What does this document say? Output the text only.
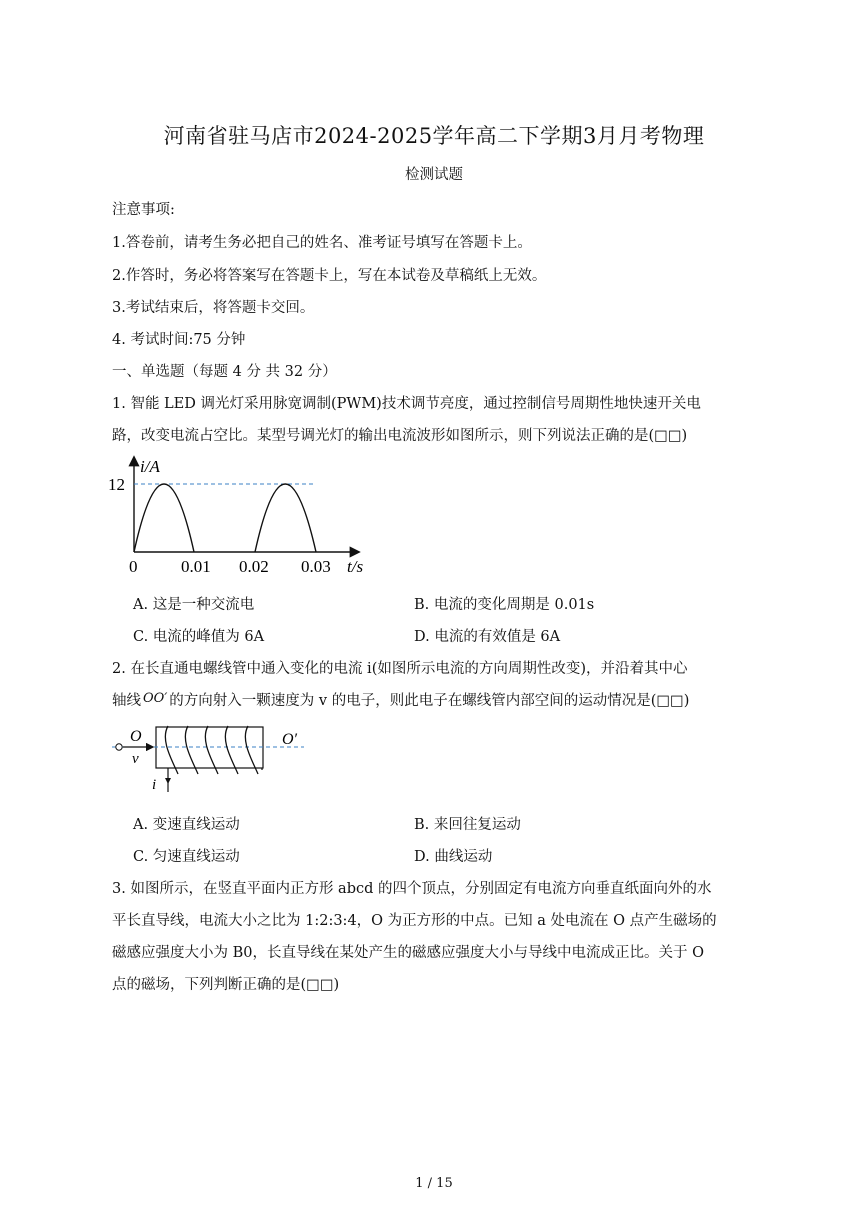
河南省驻马店市2024-2025学年高二下学期3月月考物理
检测试题
注意事项:
1.答卷前，请考生务必把自己的姓名、准考证号填写在答题卡上。
2.作答时，务必将答案写在答题卡上，写在本试卷及草稿纸上无效。
3.考试结束后，将答题卡交回。
4. 考试时间:75 分钟
一、单选题（每题 4 分 共 32 分）
1. 智能 LED 调光灯采用脉宽调制(PWM)技术调节亮度，通过控制信号周期性地快速开关电
路，改变电流占空比。某型号调光灯的输出电流波形如图所示，则下列说法正确的是(□□)
i/A
12
0	0.01 0.02 0.03 t/s
A. 这是一种交流电	B. 电流的变化周期是 0.01s
C. 电流的峰值为 6A	D. 电流的有效值是 6A
2. 在长直通电螺线管中通入变化的电流 i(如图所示电流的方向周期性改变)，并沿着其中心
轴线 OO′ 的方向射入一颗速度为 v 的电子，则此电子在螺线管内部空间的运动情况是(□□)
O
v
i
O′
A. 变速直线运动	B. 来回往复运动
C. 匀速直线运动	D. 曲线运动
3. 如图所示，在竖直平面内正方形 abcd 的四个顶点，分别固定有电流方向垂直纸面向外的水
平长直导线，电流大小之比为 1:2:3:4，O 为正方形的中点。已知 a 处电流在 O 点产生磁场的
磁感应强度大小为 B0，长直导线在某处产生的磁感应强度大小与导线中电流成正比。关于 O
点的磁场，下列判断正确的是(□□)
1 / 15
